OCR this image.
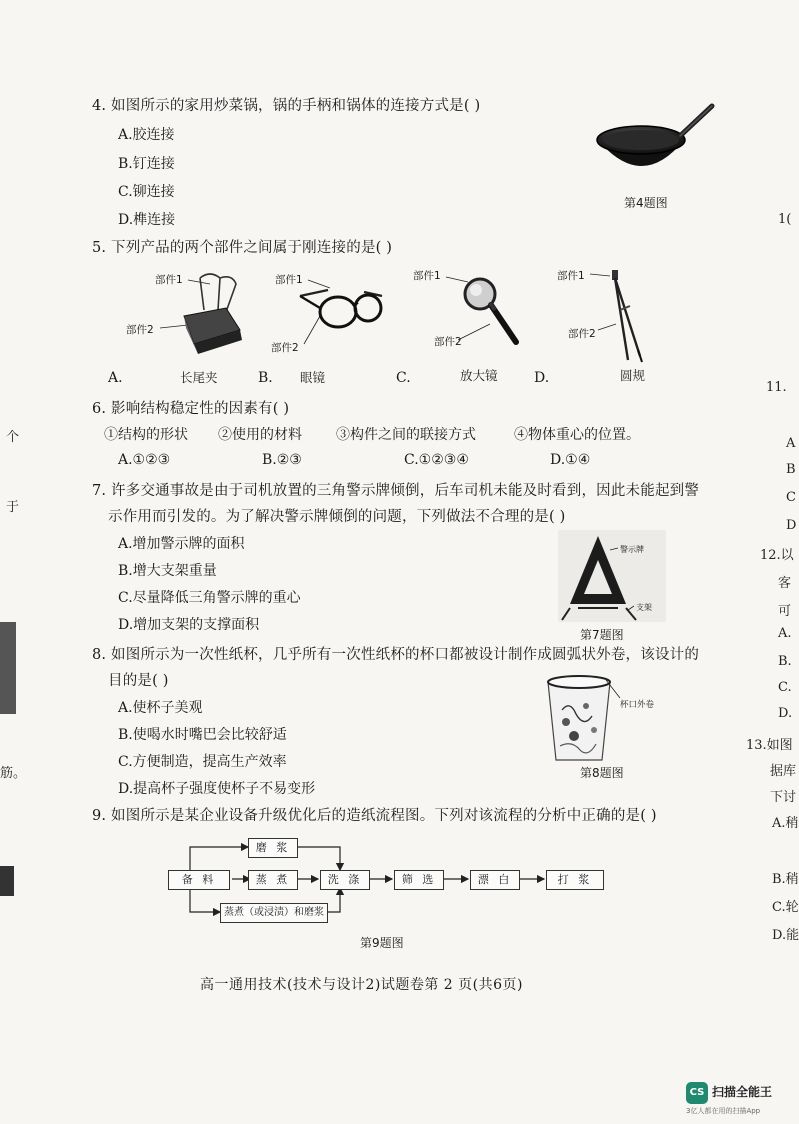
4. 如图所示的家用炒菜锅，锅的手柄和锅体的连接方式是( )
A.胶连接
B.钉连接
C.铆连接
D.榫连接
第4题图
5. 下列产品的两个部件之间属于刚连接的是( )
部件1
部件2
A.	长尾夹
部件1
部件2
B. 眼镜
部件1
部件2
C.	放大镜
部件1
部件2
D.	圆规
6. 影响结构稳定性的因素有( )
①结构的形状 ②使用的材料 ③构件之间的联接方式	④物体重心的位置。
A.①②③	B.②③	C.①②③④	D.①④
7. 许多交通事故是由于司机放置的三角警示牌倾倒，后车司机未能及时看到，因此未能起到警
示作用而引发的。为了解决警示牌倾倒的问题，下列做法不合理的是( )
A.增加警示牌的面积
B.增大支架重量
C.尽量降低三角警示牌的重心
D.增加支架的支撑面积
警示牌
支架
第7题图
8. 如图所示为一次性纸杯，几乎所有一次性纸杯的杯口都被设计制作成圆弧状外卷，该设计的
目的是( )
A.使杯子美观
B.使喝水时嘴巴会比较舒适
C.方便制造，提高生产效率
D.提高杯子强度使杯子不易变形
杯口外卷
第8题图
9. 如图所示是某企业设备升级优化后的造纸流程图。下列对该流程的分析中正确的是( )
备 料
磨 浆
蒸 煮
蒸煮（或浸渍）和磨浆
洗 涤	筛 选	漂 白	打 浆
第9题图
高一通用技术(技术与设计2)试题卷第 2 页(共6页)
个
于
筋。
1(
11.
12.以
客
可
13.如图
据库
下讨
A
B
C
D
A.
B.
C.
D.
A.稍
B.稍
C.轮
D.能
CS 扫描全能王
3亿人都在用的扫描App
